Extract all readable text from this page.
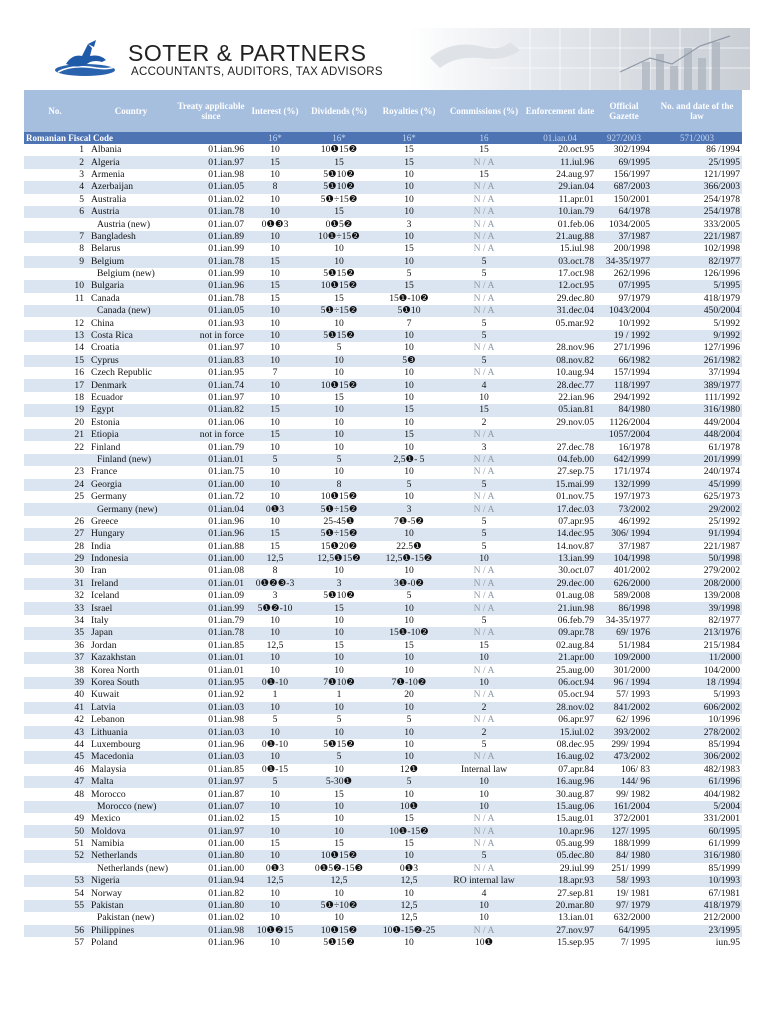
SOTER & PARTNERS
ACCOUNTANTS, AUDITORS, TAX ADVISORS
No.	Country	Treaty applicable since	Interest (%)	Dividends (%)	Royalties (%)	Commissions (%)	Enforcement date	Official Gazette	No. and date of the law
Romanian Fiscal Code			16*	16*	16*	16	01.ian.04	927/2003	571/2003
1	Albania	01.ian.96	10	10❶15❷	15	15	20.oct.95	302/1994	86 /1994
2	Algeria	01.ian.97	15	15	15	N / A	11.iul.96	69/1995	25/1995
3	Armenia	01.ian.98	10	5❶10❷	10	15	24.aug.97	156/1997	121/1997
4	Azerbaijan	01.ian.05	8	5❶10❷	10	N / A	29.ian.04	687/2003	366/2003
5	Australia	01.ian.02	10	5❶÷15❷	10	N / A	11.apr.01	150/2001	254/1978
6	Austria	01.ian.78	10	15	10	N / A	10.ian.79	64/1978	254/1978
	Austria (new)	01.ian.07	0❶❸3	0❶5❷	3	N / A	01.feb.06	1034/2005	333/2005
7	Bangladesh	01.ian.89	10	10❶÷15❷	10	N / A	21.aug.88	37/1987	221/1987
8	Belarus	01.ian.99	10	10	15	N / A	15.iul.98	200/1998	102/1998
9	Belgium	01.ian.78	15	10	10	5	03.oct.78	34-35/1977	82/1977
	Belgium (new)	01.ian.99	10	5❶15❷	5	5	17.oct.98	262/1996	126/1996
10	Bulgaria	01.ian.96	15	10❶15❷	15	N / A	12.oct.95	07/1995	5/1995
11	Canada	01.ian.78	15	15	15❶-10❷	N / A	29.dec.80	97/1979	418/1979
	Canada (new)	01.ian.05	10	5❶÷15❷	5❶10	N / A	31.dec.04	1043/2004	450/2004
12	China	01.ian.93	10	10	7	5	05.mar.92	10/1992	5/1992
13	Costa Rica	not in force	10	5❶15❷	10	5		19 / 1992	9/1992
14	Croatia	01.ian.97	10	5	10	N / A	28.nov.96	271/1996	127/1996
15	Cyprus	01.ian.83	10	10	5❸	5	08.nov.82	66/1982	261/1982
16	Czech Republic	01.ian.95	7	10	10	N / A	10.aug.94	157/1994	37/1994
17	Denmark	01.ian.74	10	10❶15❷	10	4	28.dec.77	118/1997	389/1977
18	Ecuador	01.ian.97	10	15	10	10	22.ian.96	294/1992	111/1992
19	Egypt	01.ian.82	15	10	15	15	05.ian.81	84/1980	316/1980
20	Estonia	01.ian.06	10	10	10	2	29.nov.05	1126/2004	449/2004
21	Etiopia	not in force	15	10	15	N / A		1057/2004	448/2004
22	Finland	01.ian.79	10	10	10	3	27.dec.78	16/1978	61/1978
	Finland (new)	01.ian.01	5	5	2,5❶- 5	N / A	04.feb.00	642/1999	201/1999
23	France	01.ian.75	10	10	10	N / A	27.sep.75	171/1974	240/1974
24	Georgia	01.ian.00	10	8	5	5	15.mai.99	132/1999	45/1999
25	Germany	01.ian.72	10	10❶15❷	10	N / A	01.nov.75	197/1973	625/1973
	Germany (new)	01.ian.04	0❶3	5❶÷15❷	3	N / A	17.dec.03	73/2002	29/2002
26	Greece	01.ian.96	10	25-45❶	7❶-5❷	5	07.apr.95	46/1992	25/1992
27	Hungary	01.ian.96	15	5❶÷15❷	10	5	14.dec.95	306/ 1994	91/1994
28	India	01.ian.88	15	15❶20❷	22.5❶	5	14.nov.87	37/1987	221/1987
29	Indonesia	01.ian.00	12,5	12,5❶15❷	12,5❶-15❷	10	13.ian.99	104/1998	50/1998
30	Iran	01.ian.08	8	10	10	N / A	30.oct.07	401/2002	279/2002
31	Ireland	01.ian.01	0❶❷❸-3	3	3❶-0❷	N / A	29.dec.00	626/2000	208/2000
32	Iceland	01.ian.09	3	5❶10❷	5	N / A	01.aug.08	589/2008	139/2008
33	Israel	01.ian.99	5❶❷-10	15	10	N / A	21.iun.98	86/1998	39/1998
34	Italy	01.ian.79	10	10	10	5	06.feb.79	34-35/1977	82/1977
35	Japan	01.ian.78	10	10	15❶-10❷	N / A	09.apr.78	69/ 1976	213/1976
36	Jordan	01.ian.85	12,5	15	15	15	02.aug.84	51/1984	215/1984
37	Kazakhstan	01.ian.01	10	10	10	10	21.apr.00	109/2000	11/2000
38	Korea North	01.ian.01	10	10	10	N / A	25.aug.00	301/2000	104/2000
39	Korea South	01.ian.95	0❶-10	7❶10❷	7❶-10❷	10	06.oct.94	96 / 1994	18 /1994
40	Kuwait	01.ian.92	1	1	20	N / A	05.oct.94	57/ 1993	5/1993
41	Latvia	01.ian.03	10	10	10	2	28.nov.02	841/2002	606/2002
42	Lebanon	01.ian.98	5	5	5	N / A	06.apr.97	62/ 1996	10/1996
43	Lithuania	01.ian.03	10	10	10	2	15.iul.02	393/2002	278/2002
44	Luxembourg	01.ian.96	0❶-10	5❶15❷	10	5	08.dec.95	299/ 1994	85/1994
45	Macedonia	01.ian.03	10	5	10	N / A	16.aug.02	473/2002	306/2002
46	Malaysia	01.ian.85	0❶-15	10	12❶	Internal law	07.apr.84	106/ 83	482/1983
47	Malta	01.ian.97	5	5-30❶	5	10	16.aug.96	144/ 96	61/1996
48	Morocco	01.ian.87	10	15	10	10	30.aug.87	99/ 1982	404/1982
	Morocco (new)	01.ian.07	10	10	10❶	10	15.aug.06	161/2004	5/2004
49	Mexico	01.ian.02	15	10	15	N / A	15.aug.01	372/2001	331/2001
50	Moldova	01.ian.97	10	10	10❶-15❷	N / A	10.apr.96	127/ 1995	60/1995
51	Namibia	01.ian.00	15	15	15	N / A	05.aug.99	188/1999	61/1999
52	Netherlands	01.ian.80	10	10❶15❷	10	5	05.dec.80	84/ 1980	316/1980
	Netherlands (new)	01.ian.00	0❶3	0❶5❷-15❸	0❶3	N / A	29.iul.99	251/ 1999	85/1999
53	Nigeria	01.ian.94	12,5	12,5	12,5	RO internal law	18.apr.93	58/ 1993	10/1993
54	Norway	01.ian.82	10	10	10	4	27.sep.81	19/ 1981	67/1981
55	Pakistan	01.ian.80	10	5❶÷10❷	12,5	10	20.mar.80	97/ 1979	418/1979
	Pakistan (new)	01.ian.02	10	10	12,5	10	13.ian.01	632/2000	212/2000
56	Philippines	01.ian.98	10❶❷15	10❶15❷	10❶-15❷-25	N / A	27.nov.97	64/1995	23/1995
57	Poland	01.ian.96	10	5❶15❷	10	10❶	15.sep.95	7/ 1995	iun.95
